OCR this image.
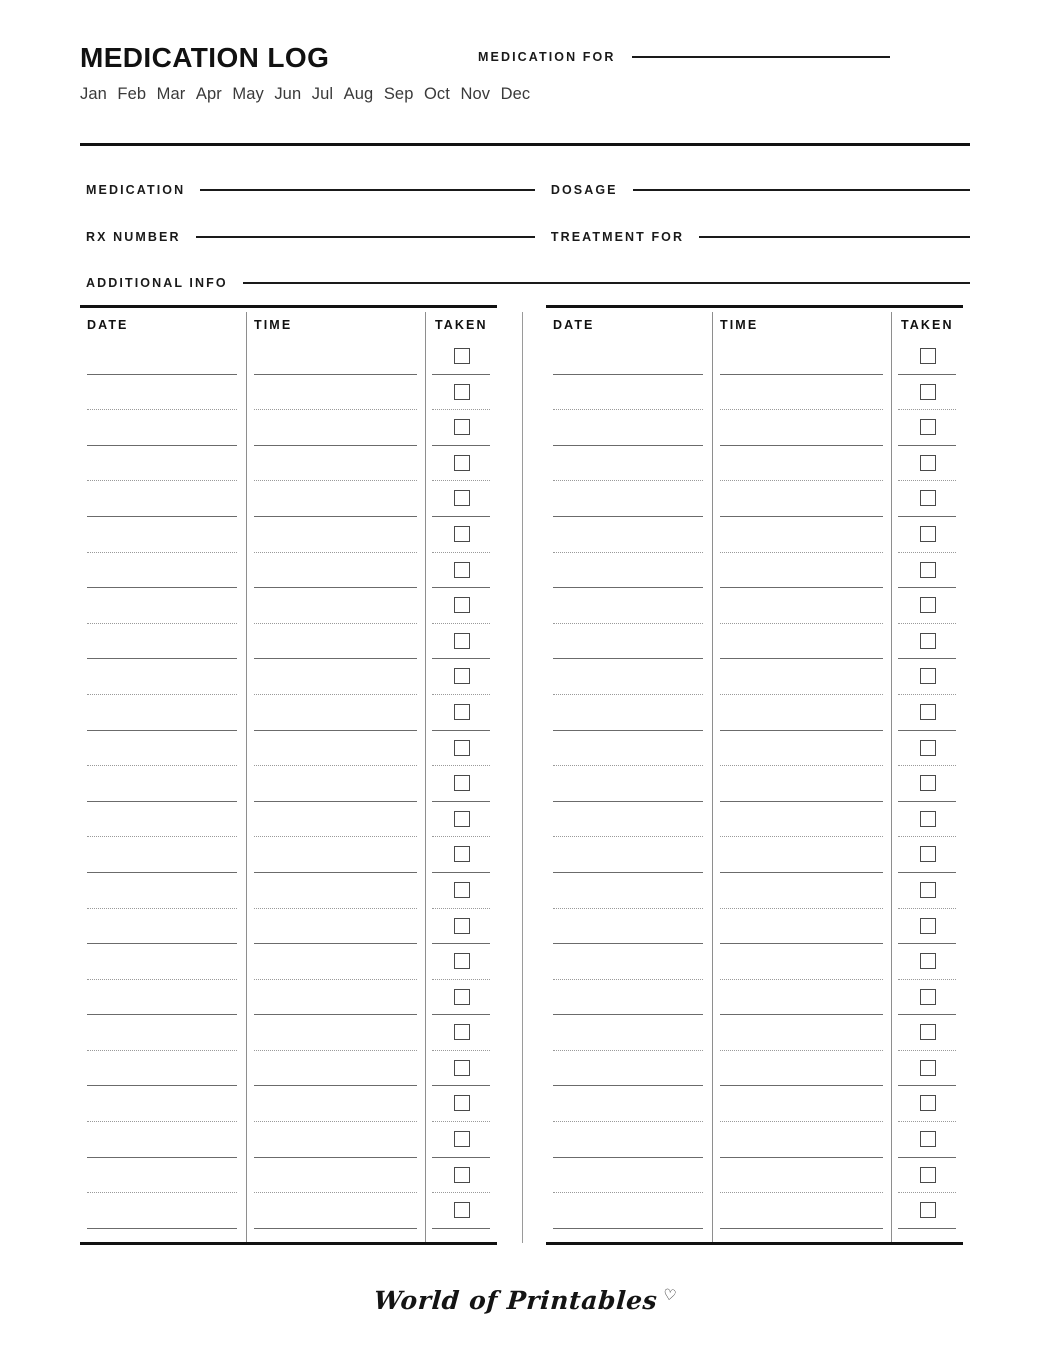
MEDICATION LOG
Jan Feb Mar Apr May Jun Jul Aug Sep Oct Nov Dec
MEDICATION FOR
MEDICATION	DOSAGE
RX NUMBER	TREATMENT FOR
ADDITIONAL INFO
DATE	TIME	TAKEN	DATE	TIME	TAKEN
World of Printables ♡
